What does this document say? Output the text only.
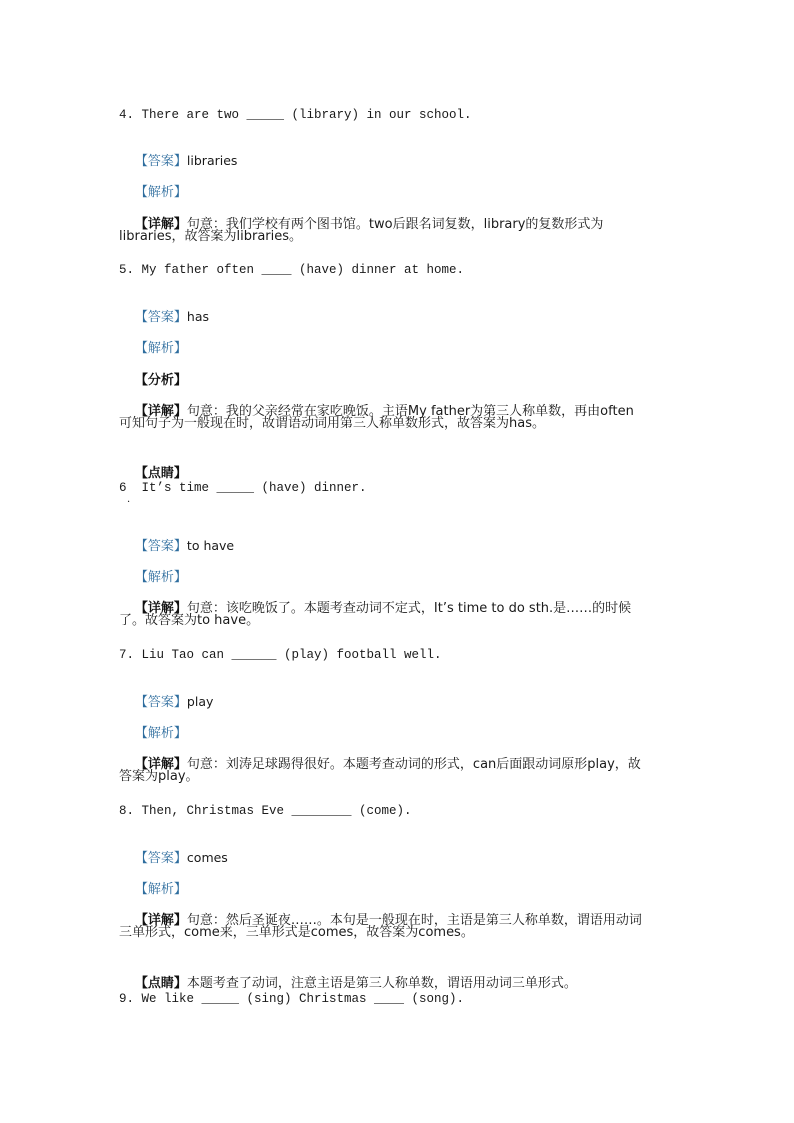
4. There are two _____ (library) in our school.

【答案】libraries

【解析】

【详解】句意：我们学校有两个图书馆。two后跟名词复数，library的复数形式为

libraries，故答案为libraries。
5. My father often ____ (have) dinner at home.

【答案】has

【解析】

【分析】

【详解】句意：我的父亲经常在家吃晚饭。主语My father为第三人称单数，再由often

可知句子为一般现在时，故谓语动词用第三人称单数形式，故答案为has。

【点睛】

6  It’s time _____ (have) dinner.
·

【答案】to have

【解析】

【详解】句意：该吃晚饭了。本题考查动词不定式，It’s time to do sth.是……的时候

了。故答案为to have。
7. Liu Tao can ______ (play) football well.

【答案】play

【解析】

【详解】句意：刘涛足球踢得很好。本题考查动词的形式，can后面跟动词原形play，故

答案为play。
8. Then, Christmas Eve ________ (come).

【答案】comes

【解析】

【详解】句意：然后圣诞夜……。本句是一般现在时，主语是第三人称单数，谓语用动词

三单形式，come来，三单形式是comes，故答案为comes。

【点睛】本题考查了动词，注意主语是第三人称单数，谓语用动词三单形式。

9. We like _____ (sing) Christmas ____ (song).
